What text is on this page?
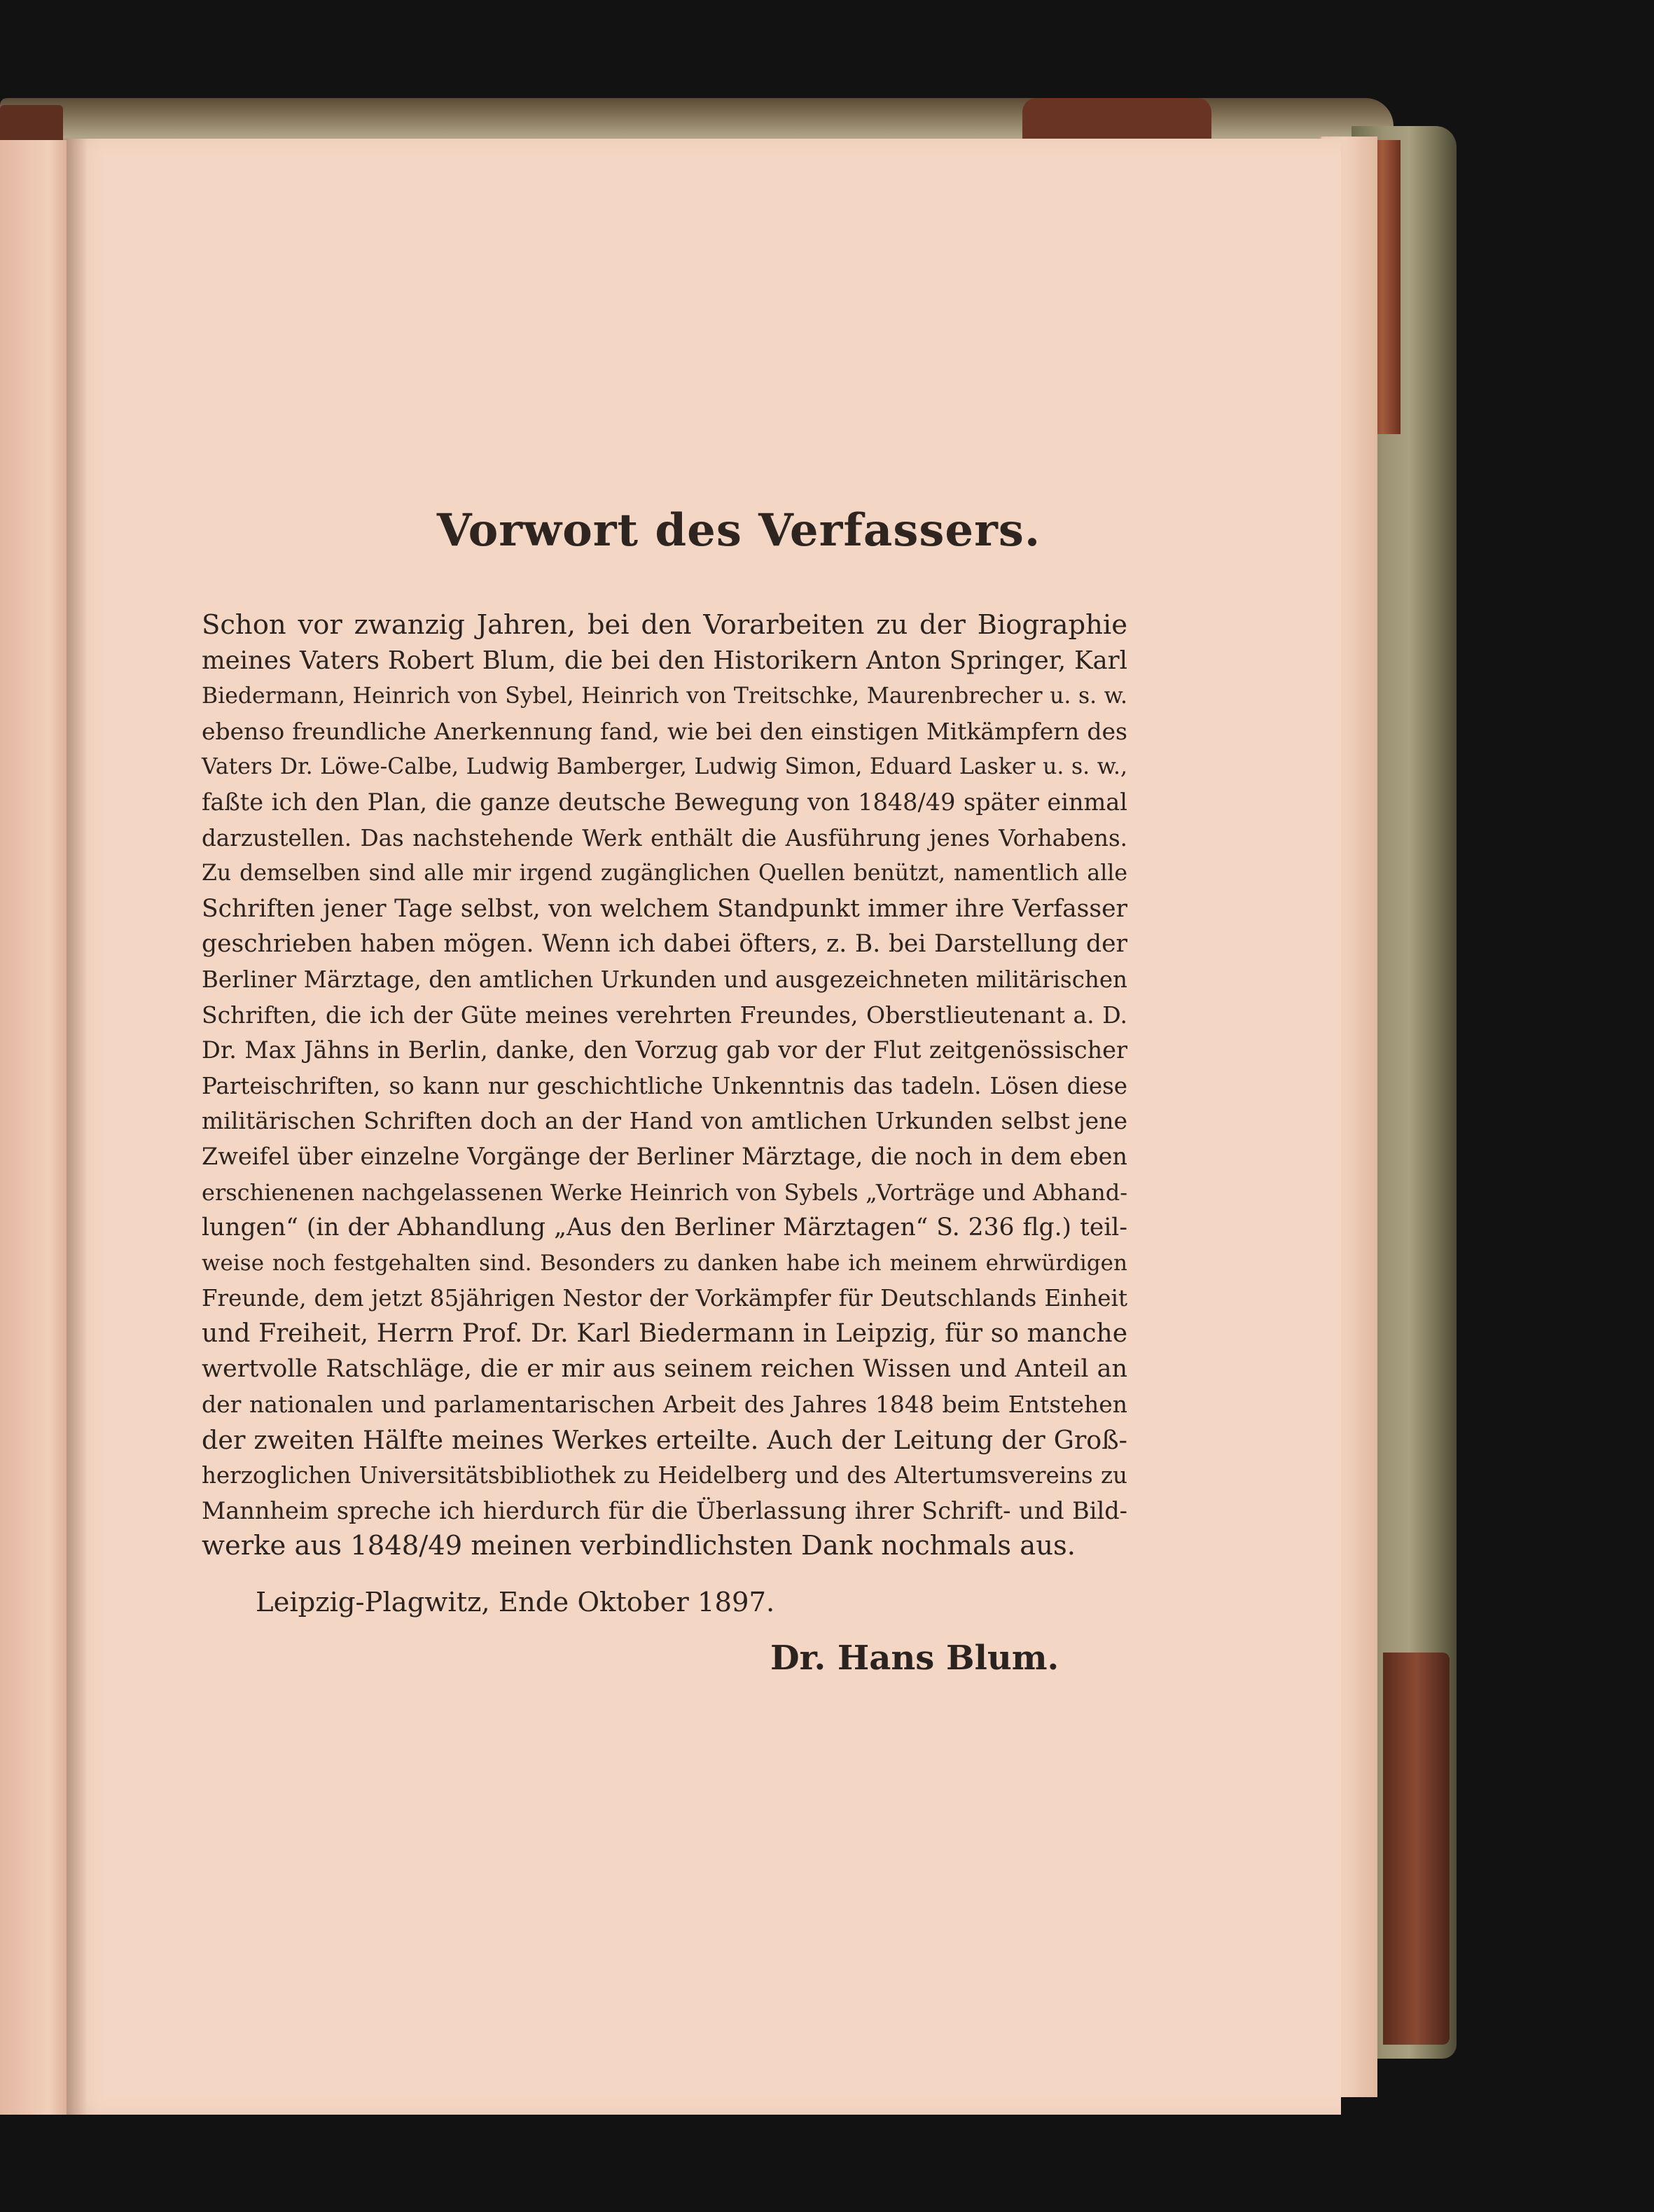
Vorwort des Verfassers.
Schon vor zwanzig Jahren, bei den Vorarbeiten zu der Biographie
meines Vaters Robert Blum, die bei den Historikern Anton Springer, Karl
Biedermann, Heinrich von Sybel, Heinrich von Treitschke, Maurenbrecher u. s. w.
ebenso freundliche Anerkennung fand, wie bei den einstigen Mitkämpfern des
Vaters Dr. Löwe-Calbe, Ludwig Bamberger, Ludwig Simon, Eduard Lasker u. s. w.,
faßte ich den Plan, die ganze deutsche Bewegung von 1848/49 später einmal
darzustellen. Das nachstehende Werk enthält die Ausführung jenes Vorhabens.
Zu demselben sind alle mir irgend zugänglichen Quellen benützt, namentlich alle
Schriften jener Tage selbst, von welchem Standpunkt immer ihre Verfasser
geschrieben haben mögen. Wenn ich dabei öfters, z. B. bei Darstellung der
Berliner Märztage, den amtlichen Urkunden und ausgezeichneten militärischen
Schriften, die ich der Güte meines verehrten Freundes, Oberstlieutenant a. D.
Dr. Max Jähns in Berlin, danke, den Vorzug gab vor der Flut zeitgenössischer
Parteischriften, so kann nur geschichtliche Unkenntnis das tadeln. Lösen diese
militärischen Schriften doch an der Hand von amtlichen Urkunden selbst jene
Zweifel über einzelne Vorgänge der Berliner Märztage, die noch in dem eben
erschienenen nachgelassenen Werke Heinrich von Sybels „Vorträge und Abhand-
lungen“ (in der Abhandlung „Aus den Berliner Märztagen“ S. 236 flg.) teil-
weise noch festgehalten sind. Besonders zu danken habe ich meinem ehrwürdigen
Freunde, dem jetzt 85jährigen Nestor der Vorkämpfer für Deutschlands Einheit
und Freiheit, Herrn Prof. Dr. Karl Biedermann in Leipzig, für so manche
wertvolle Ratschläge, die er mir aus seinem reichen Wissen und Anteil an
der nationalen und parlamentarischen Arbeit des Jahres 1848 beim Entstehen
der zweiten Hälfte meines Werkes erteilte. Auch der Leitung der Groß-
herzoglichen Universitätsbibliothek zu Heidelberg und des Altertumsvereins zu
Mannheim spreche ich hierdurch für die Überlassung ihrer Schrift- und Bild-
werke aus 1848/49 meinen verbindlichsten Dank nochmals aus.
Leipzig-Plagwitz, Ende Oktober 1897.
Dr. Hans Blum.
